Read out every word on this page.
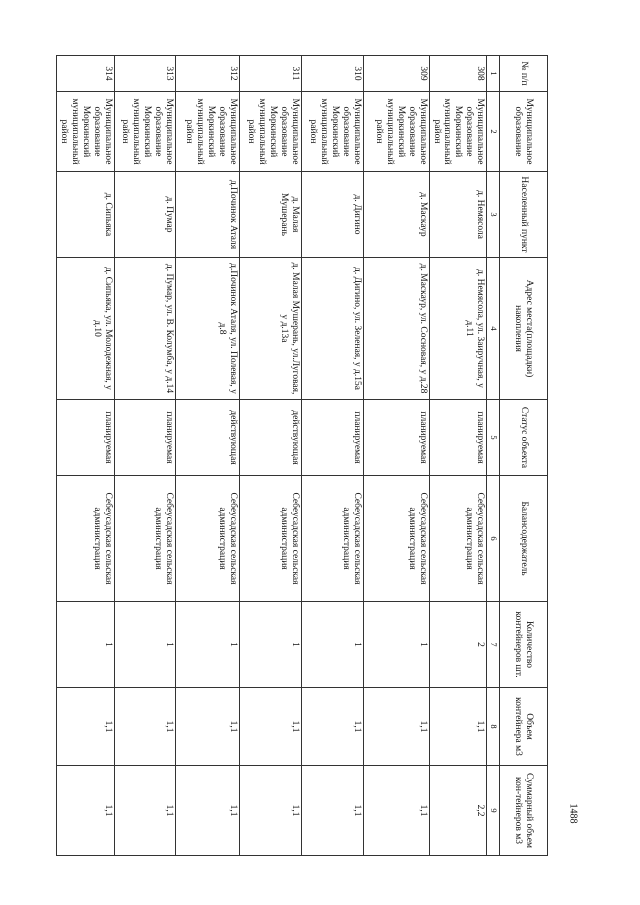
1488
№ п/п	Муниципальное образование	Населенный пункт	Адрес места(площадки) накопления	Статус объекта	Балансодержатель	Количество контейнеров шт.	Объем контейнера м3	Суммарный объем кон-тейнеров м3
1	2	3	4	5	6	7	8	9
308	Муниципальное образование Моркинский муниципальный район	д. Немясола	д. Немясола, ул. Заиручная, у д.11	планируемая	Себеусадская сельская администрация	2	1,1	2,2
309	Муниципальное образование Моркинский муниципальный район	д. Маскаур	д. Маскаур, ул. Сосновая, у д.28	планируемая	Себеусадская сельская администрация	1	1,1	1,1
310	Муниципальное образование Моркинский муниципальный район	д. Дигино	д. Дигино, ул. Зеленая, у д.15а	планируемая	Себеусадская сельская администрация	1	1,1	1,1
311	Муниципальное образование Моркинский муниципальный район	д. Малая Мушерань	д. Малая Мушерань, ул.Луговая, у д.13а	действующая	Себеусадская сельская администрация	1	1,1	1,1
312	Муниципальное образование Моркинский муниципальный район	д.Починок Аталя	д.Починок Аталя, ул. Полевая, у д.8	действующая	Себеусадская сельская администрация	1	1,1	1,1
313	Муниципальное образование Моркинский муниципальный район	д. Пумар	д. Пумар, ул. В. Колумба, у д.14	планируемая	Себеусадская сельская администрация	1	1,1	1,1
314	Муниципальное образование Моркинский муниципальный район	д. Сипьяка	д. Сипьяка, ул. Молодежная, у д.10	планируемая	Себеусадская сельская администрация	1	1,1	1,1
